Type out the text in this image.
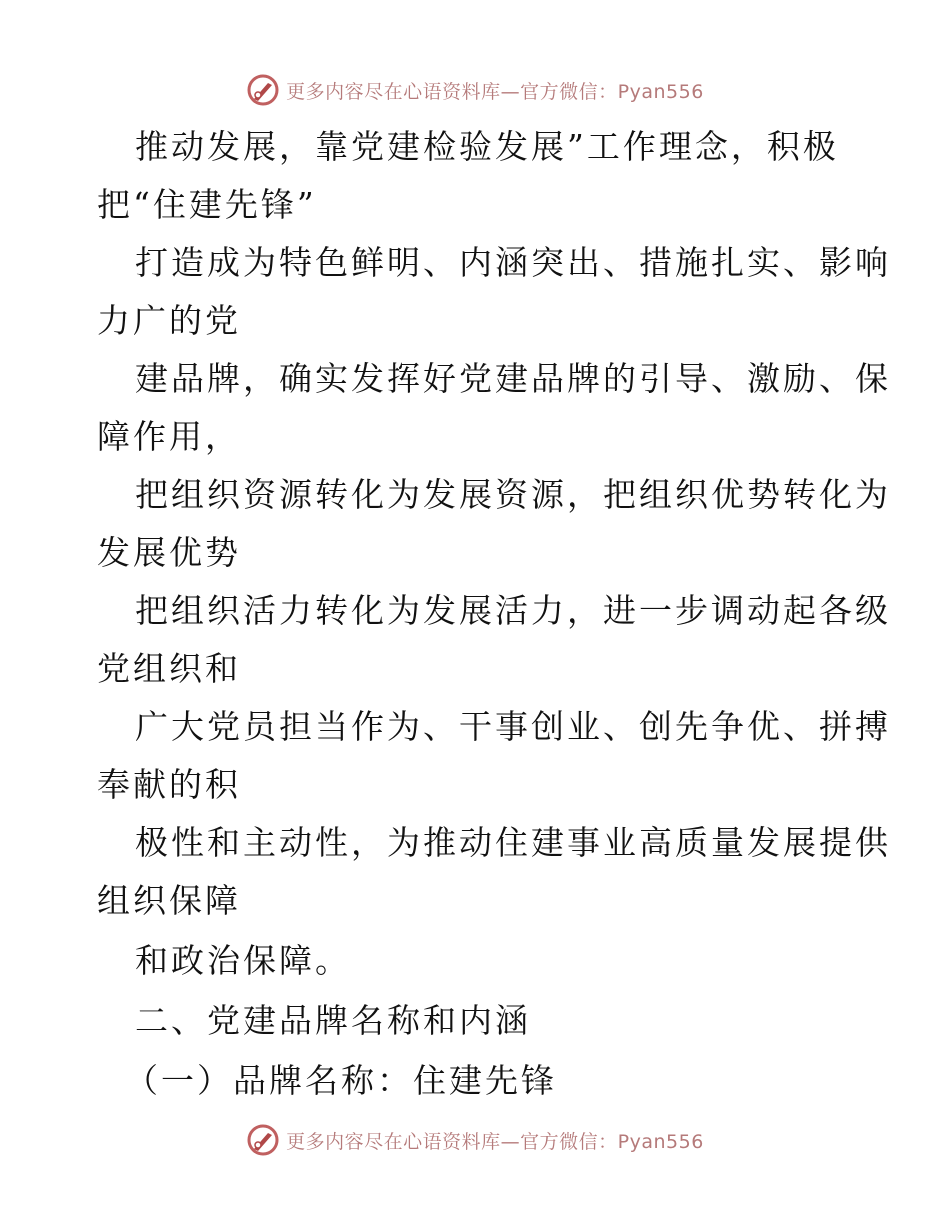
更多内容尽在心语资料库—官方微信：Pyan556
推动发展，靠党建检验发展”工作理念，积极
把“住建先锋”
打造成为特色鲜明、内涵突出、措施扎实、影响
力广的党
建品牌，确实发挥好党建品牌的引导、激励、保
障作用，
把组织资源转化为发展资源，把组织优势转化为
发展优势
把组织活力转化为发展活力，进一步调动起各级
党组织和
广大党员担当作为、干事创业、创先争优、拼搏
奉献的积
极性和主动性，为推动住建事业高质量发展提供
组织保障
和政治保障。
二、党建品牌名称和内涵
（一）品牌名称：住建先锋
更多内容尽在心语资料库—官方微信：Pyan556
